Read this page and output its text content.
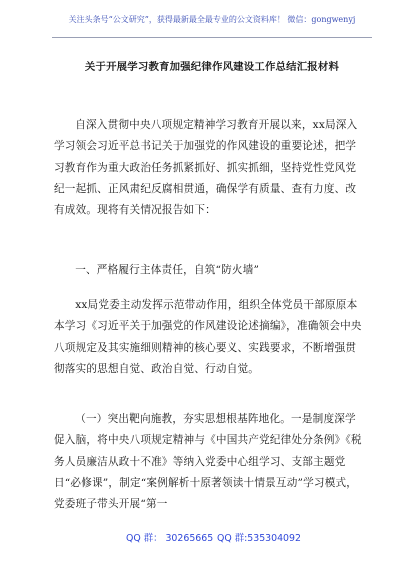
关注头条号“公文研究”，获得最新最全最专业的公文资料库！ 微信：gongwenyj
关于开展学习教育加强纪律作风建设工作总结汇报材料
自深入贯彻中央八项规定精神学习教育开展以来，xx局深入学习领会习近平总书记关于加强党的作风建设的重要论述，把学习教育作为重大政治任务抓紧抓好、抓实抓细，坚持党性党风党纪一起抓、正风肃纪反腐相贯通，确保学有质量、查有力度、改有成效。现将有关情况报告如下：
一、严格履行主体责任，自筑“防火墙”
xx局党委主动发挥示范带动作用，组织全体党员干部原原本本学习《习近平关于加强党的作风建设论述摘编》，准确领会中央八项规定及其实施细则精神的核心要义、实践要求，不断增强贯彻落实的思想自觉、政治自觉、行动自觉。
（一）突出靶向施教，夯实思想根基阵地化。一是制度深学促入脑，将中央八项规定精神与《中国共产党纪律处分条例》《税务人员廉洁从政十不准》等纳入党委中心组学习、支部主题党日“必修课”，制定“案例解析十原著领读十情景互动”学习模式，党委班子带头开展“第一
QQ 群： 30265665 QQ 群:535304092
